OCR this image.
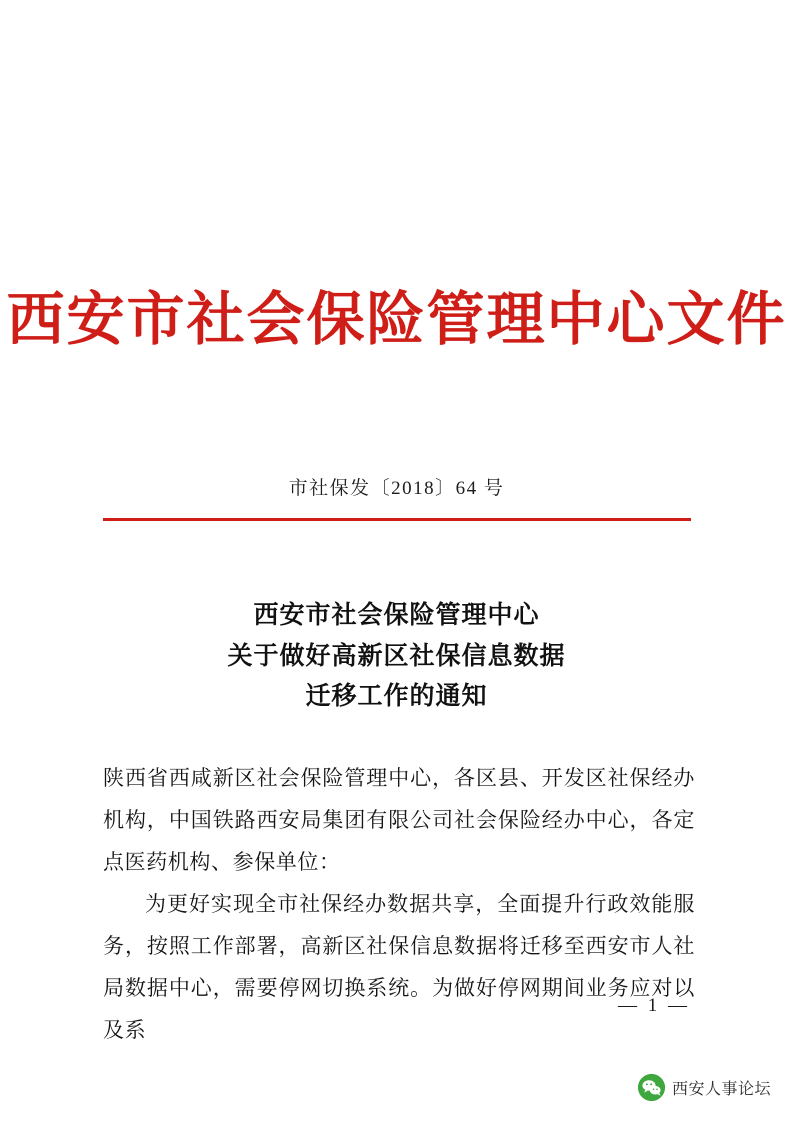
西安市社会保险管理中心文件
市社保发〔2018〕64 号
西安市社会保险管理中心
关于做好高新区社保信息数据
迁移工作的通知

陕西省西咸新区社会保险管理中心，各区县、开发区社保经办机构，中国铁路西安局集团有限公司社会保险经办中心，各定点医药机构、参保单位：

为更好实现全市社保经办数据共享，全面提升行政效能服务，按照工作部署，高新区社保信息数据将迁移至西安市人社局数据中心，需要停网切换系统。为做好停网期间业务应对以及系

— 1 —
西安人事论坛
